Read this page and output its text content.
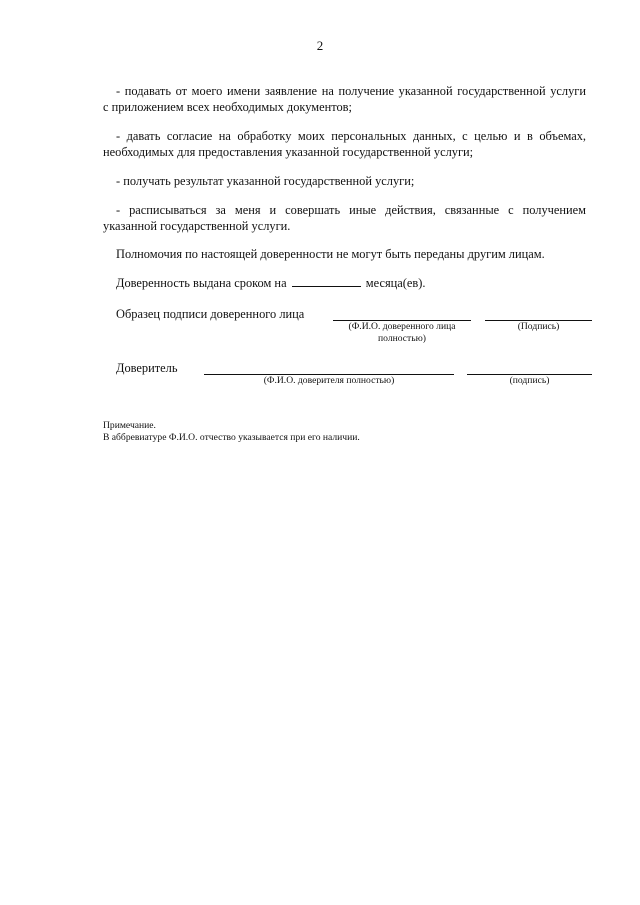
2
- подавать от моего имени заявление на получение указанной государственной услуги
с приложением всех необходимых документов;
- давать согласие на обработку моих персональных данных, с целью и в объемах,
необходимых для предоставления указанной государственной услуги;
- получать результат указанной государственной услуги;
- расписываться за меня и совершать иные действия, связанные с получением
указанной государственной услуги.
Полномочия по настоящей доверенности не могут быть переданы другим лицам.
Доверенность выдана сроком на	месяца(ев).
Образец подписи доверенного лица
(Ф.И.О. доверенного лица
полностью)
(Подпись)
Доверитель
(Ф.И.О. доверителя полностью)	(подпись)
Примечание.
В аббревиатуре Ф.И.О. отчество указывается при его наличии.
